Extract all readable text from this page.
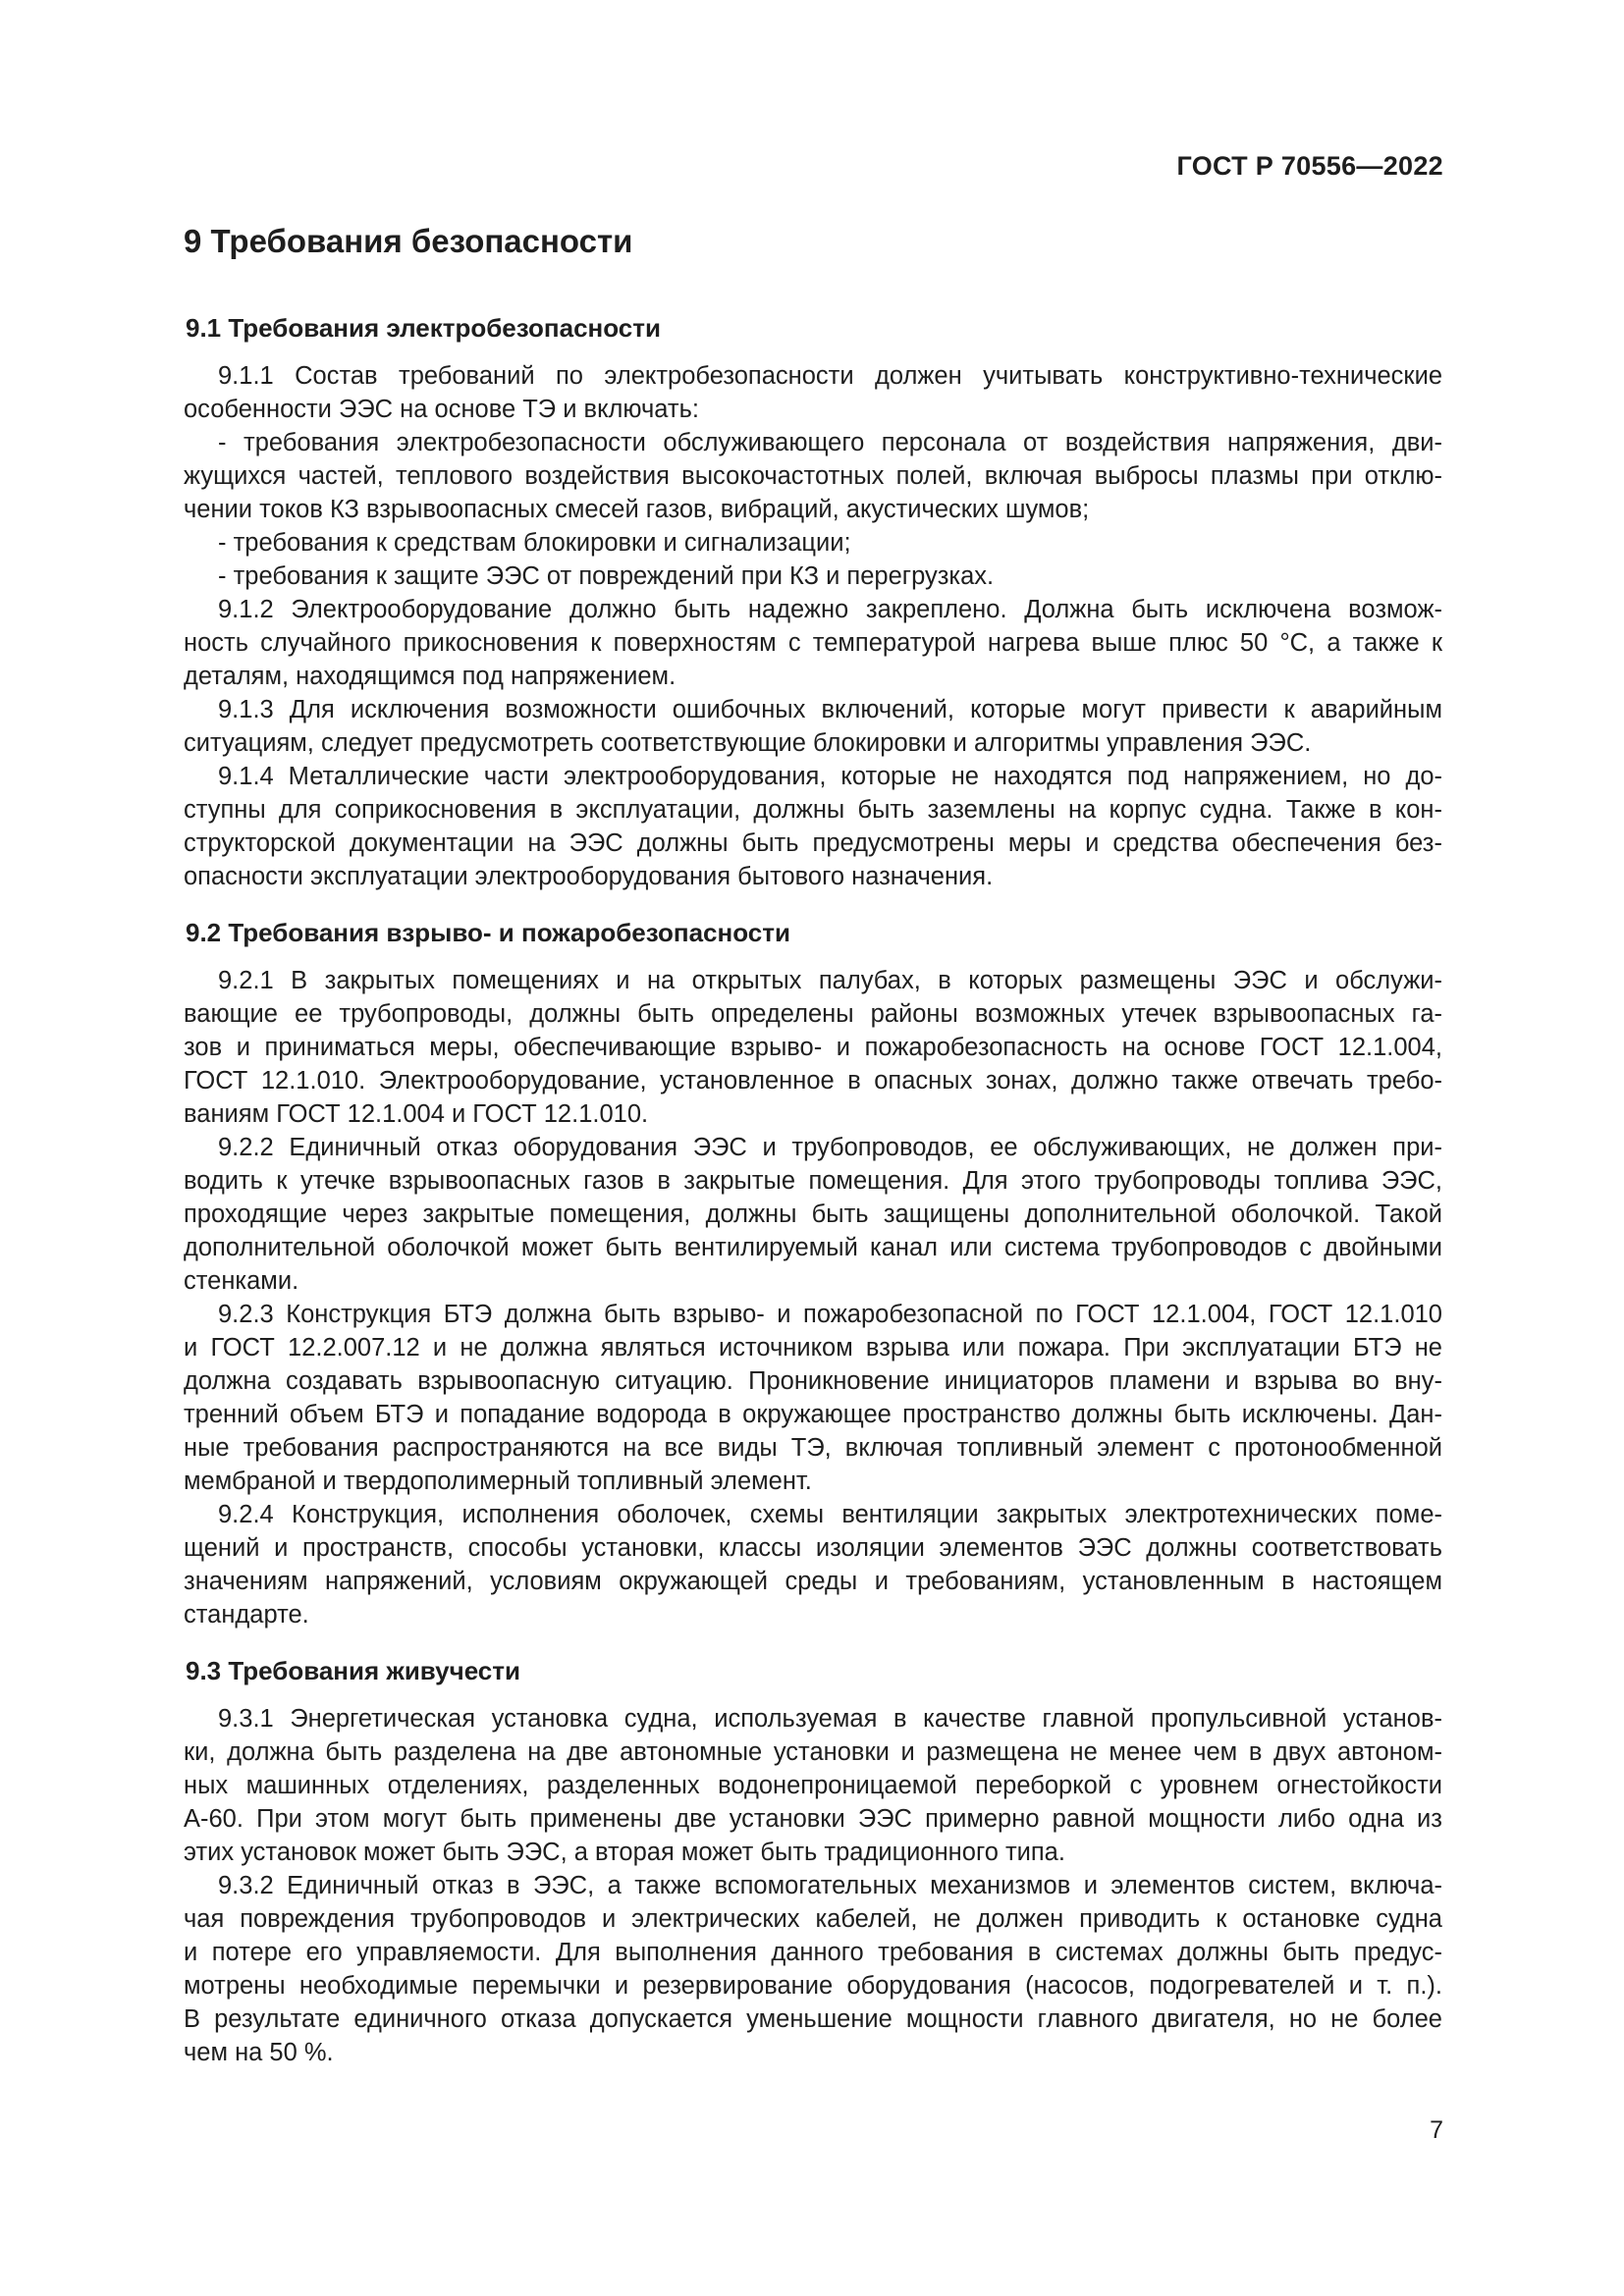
ГОСТ Р 70556—2022
9 Требования безопасности
9.1 Требования электробезопасности
9.1.1 Состав требований по электробезопасности должен учитывать конструктивно-технические
особенности ЭЭС на основе ТЭ и включать:
- требования электробезопасности обслуживающего персонала от воздействия напряжения, дви-
жущихся частей, теплового воздействия высокочастотных полей, включая выбросы плазмы при отклю-
чении токов КЗ взрывоопасных смесей газов, вибраций, акустических шумов;
- требования к средствам блокировки и сигнализации;
- требования к защите ЭЭС от повреждений при КЗ и перегрузках.
9.1.2 Электрооборудование должно быть надежно закреплено. Должна быть исключена возмож-
ность случайного прикосновения к поверхностям с температурой нагрева выше плюс 50 °С, а также к
деталям, находящимся под напряжением.
9.1.3 Для исключения возможности ошибочных включений, которые могут привести к аварийным
ситуациям, следует предусмотреть соответствующие блокировки и алгоритмы управления ЭЭС.
9.1.4 Металлические части электрооборудования, которые не находятся под напряжением, но до-
ступны для соприкосновения в эксплуатации, должны быть заземлены на корпус судна. Также в кон-
структорской документации на ЭЭС должны быть предусмотрены меры и средства обеспечения без-
опасности эксплуатации электрооборудования бытового назначения.
9.2 Требования взрыво- и пожаробезопасности
9.2.1 В закрытых помещениях и на открытых палубах, в которых размещены ЭЭС и обслужи-
вающие ее трубопроводы, должны быть определены районы возможных утечек взрывоопасных га-
зов и приниматься меры, обеспечивающие взрыво- и пожаробезопасность на основе ГОСТ 12.1.004,
ГОСТ 12.1.010. Электрооборудование, установленное в опасных зонах, должно также отвечать требо-
ваниям ГОСТ 12.1.004 и ГОСТ 12.1.010.
9.2.2 Единичный отказ оборудования ЭЭС и трубопроводов, ее обслуживающих, не должен при-
водить к утечке взрывоопасных газов в закрытые помещения. Для этого трубопроводы топлива ЭЭС,
проходящие через закрытые помещения, должны быть защищены дополнительной оболочкой. Такой
дополнительной оболочкой может быть вентилируемый канал или система трубопроводов с двойными
стенками.
9.2.3 Конструкция БТЭ должна быть взрыво- и пожаробезопасной по ГОСТ 12.1.004, ГОСТ 12.1.010
и ГОСТ 12.2.007.12 и не должна являться источником взрыва или пожара. При эксплуатации БТЭ не
должна создавать взрывоопасную ситуацию. Проникновение инициаторов пламени и взрыва во вну-
тренний объем БТЭ и попадание водорода в окружающее пространство должны быть исключены. Дан-
ные требования распространяются на все виды ТЭ, включая топливный элемент с протонообменной
мембраной и твердополимерный топливный элемент.
9.2.4 Конструкция, исполнения оболочек, схемы вентиляции закрытых электротехнических поме-
щений и пространств, способы установки, классы изоляции элементов ЭЭС должны соответствовать
значениям напряжений, условиям окружающей среды и требованиям, установленным в настоящем
стандарте.
9.3 Требования живучести
9.3.1 Энергетическая установка судна, используемая в качестве главной пропульсивной установ-
ки, должна быть разделена на две автономные установки и размещена не менее чем в двух автоном-
ных машинных отделениях, разделенных водонепроницаемой переборкой с уровнем огнестойкости
А-60. При этом могут быть применены две установки ЭЭС примерно равной мощности либо одна из
этих установок может быть ЭЭС, а вторая может быть традиционного типа.
9.3.2 Единичный отказ в ЭЭС, а также вспомогательных механизмов и элементов систем, включа-
чая повреждения трубопроводов и электрических кабелей, не должен приводить к остановке судна
и потере его управляемости. Для выполнения данного требования в системах должны быть предус-
мотрены необходимые перемычки и резервирование оборудования (насосов, подогревателей и т. п.).
В результате единичного отказа допускается уменьшение мощности главного двигателя, но не более
чем на 50 %.
7
